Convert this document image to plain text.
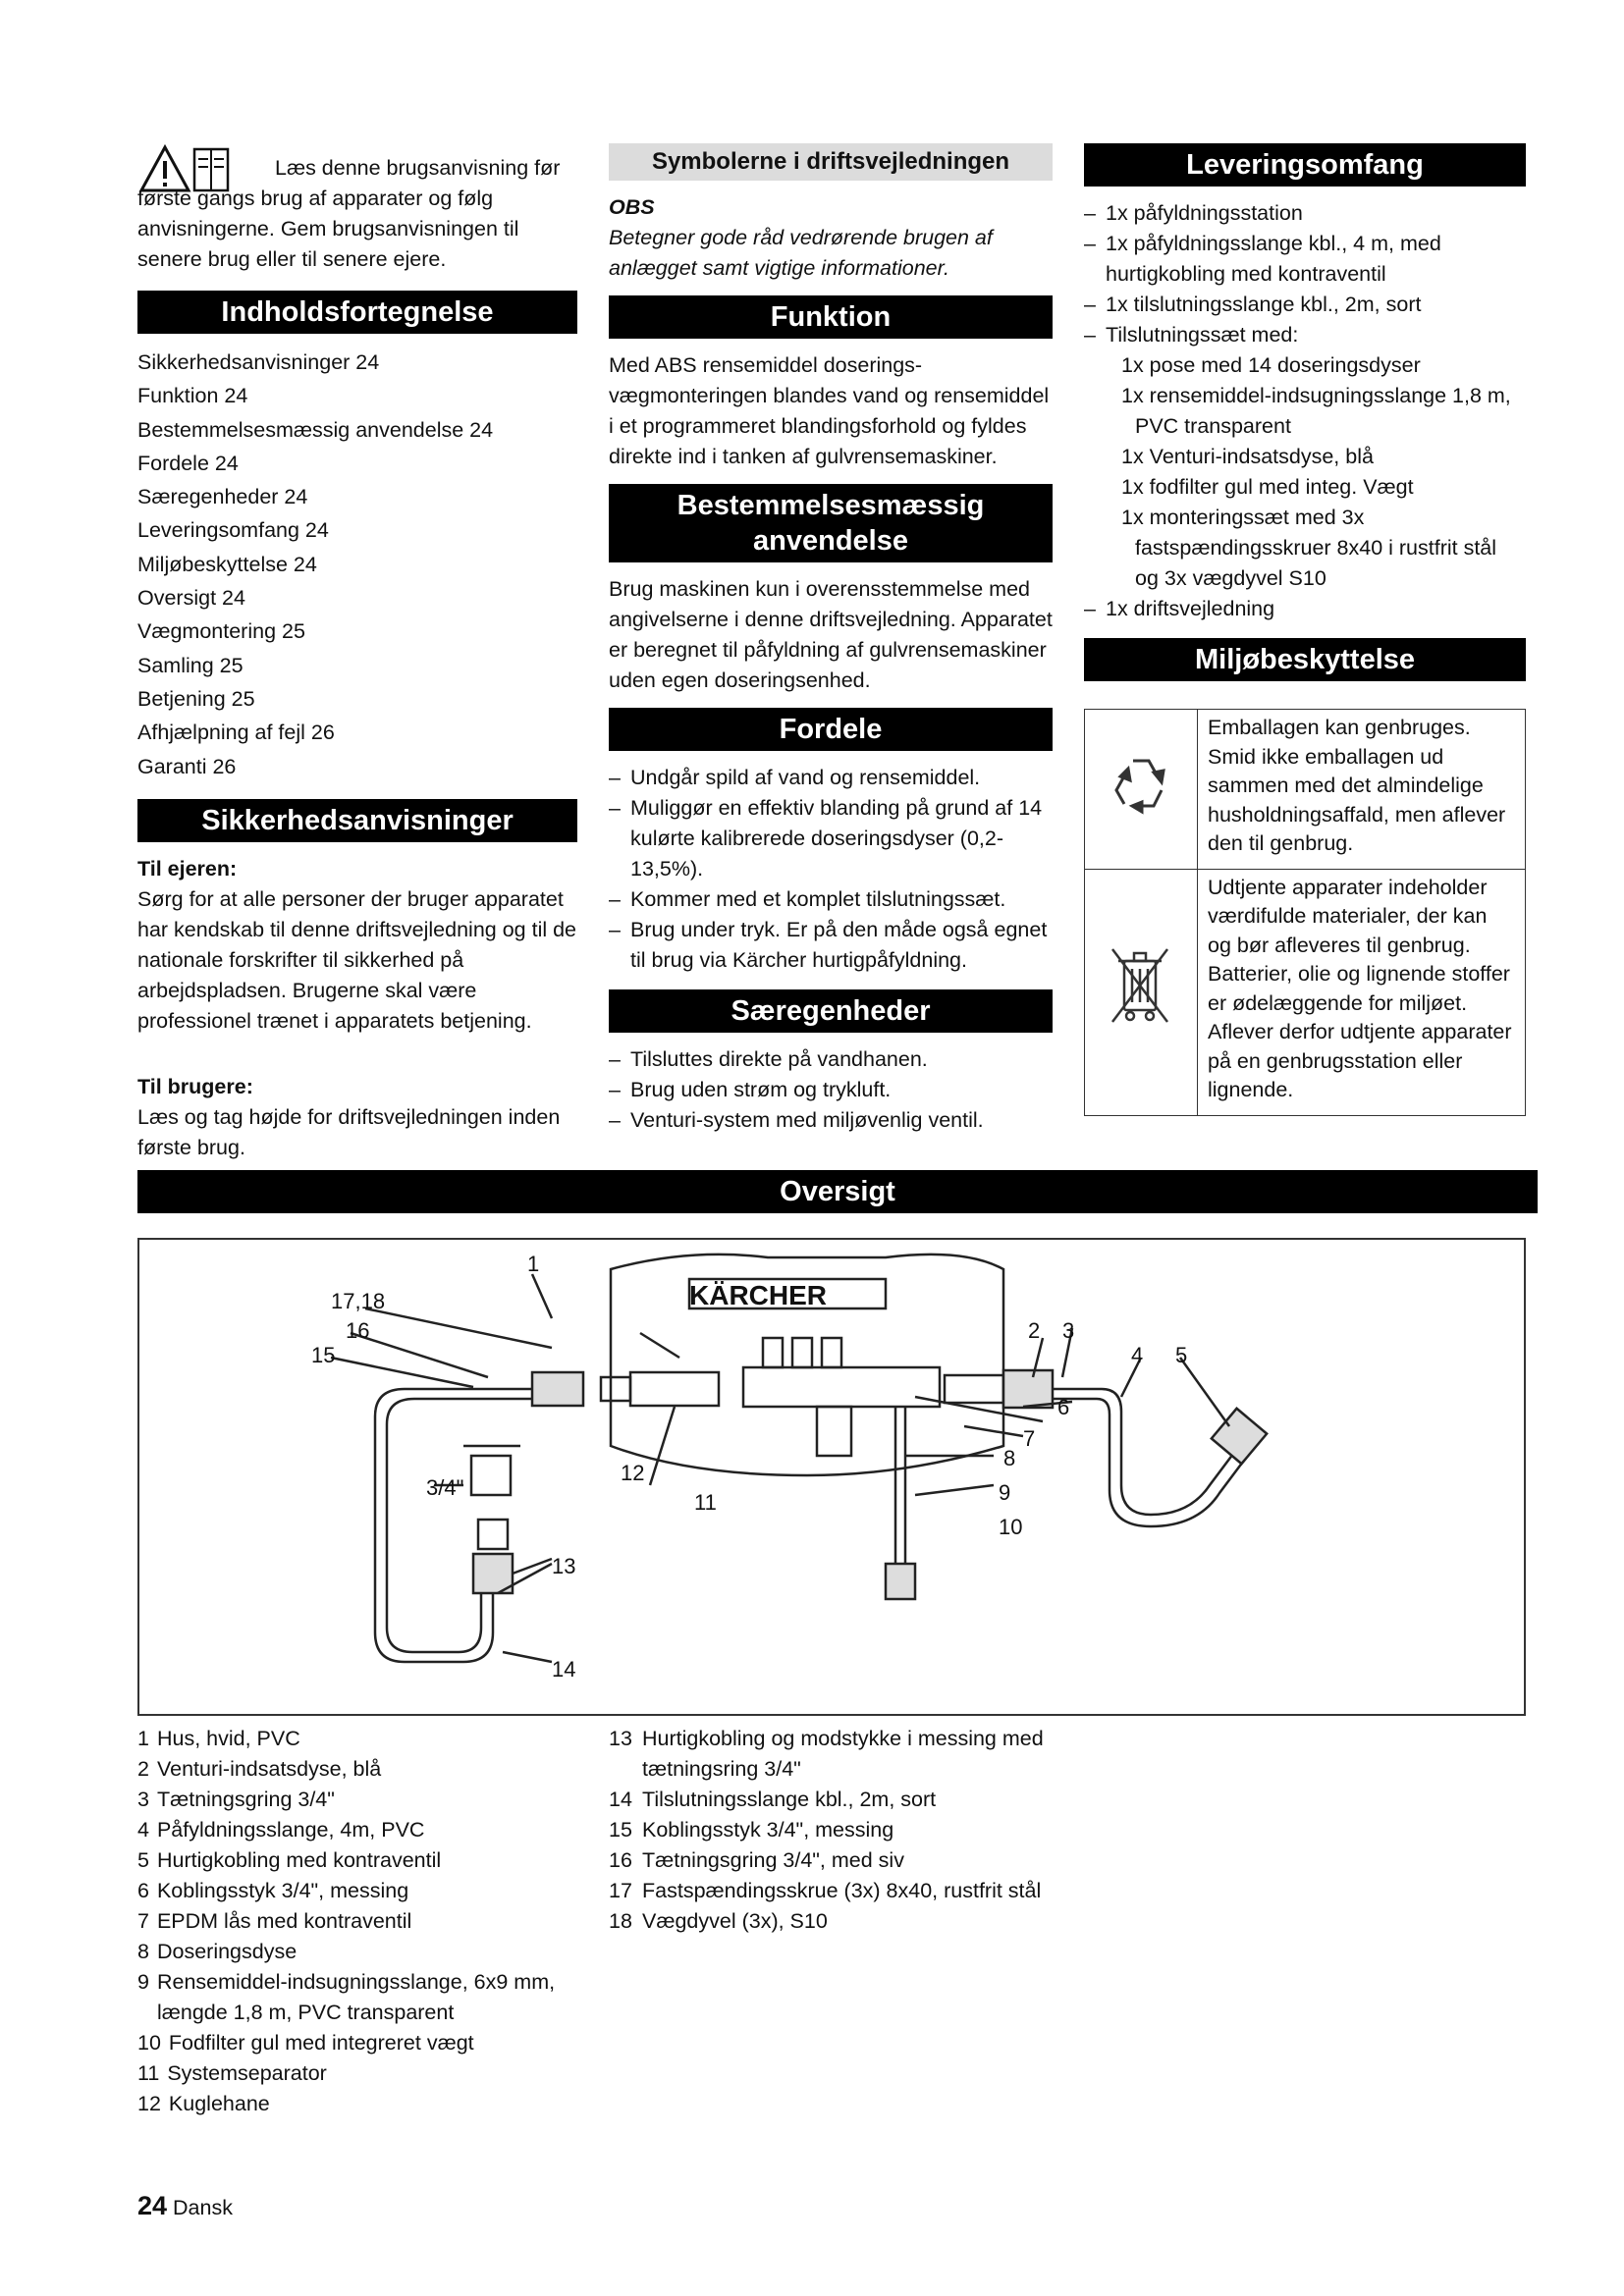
Læs denne brugsanvisning før første gangs brug af apparater og følg anvisningerne. Gem brugsanvisningen til senere brug eller til senere ejere.

Indholdsfortegnelse
Sikkerhedsanvisninger 24
Funktion 24
Bestemmelsesmæssig anvendelse 24
Fordele 24
Særegenheder 24
Leveringsomfang 24
Miljøbeskyttelse 24
Oversigt 24
Vægmontering 25
Samling 25
Betjening 25
Afhjælpning af fejl 26
Garanti 26
Sikkerhedsanvisninger

Til ejeren:

Sørg for at alle personer der bruger apparatet har kendskab til denne driftsvejledning og til de nationale forskrifter til sikkerhed på arbejdspladsen. Brugerne skal være professionel trænet i apparatets betjening.

Til brugere:

Læs og tag højde for driftsvejledningen inden første brug.

Symbolerne i driftsvejledningen

OBS

Betegner gode råd vedrørende brugen af anlægget samt vigtige informationer.

Funktion

Med ABS rensemiddel doserings-vægmonteringen blandes vand og rensemiddel i et programmeret blandingsforhold og fyldes direkte ind i tanken af gulvrensemaskiner.

Bestemmelsesmæssig anvendelse

Brug maskinen kun i overensstemmelse med angivelserne i denne driftsvejledning. Apparatet er beregnet til påfyldning af gulvrensemaskiner uden egen doseringsenhed.

Fordele
– Undgår spild af vand og rensemiddel.
– Muliggør en effektiv blanding på grund af 14 kulørte kalibrerede doseringsdyser (0,2-13,5%).
– Kommer med et komplet tilslutningssæt.
– Brug under tryk. Er på den måde også egnet til brug via Kärcher hurtigpåfyldning.
Særegenheder
– Tilsluttes direkte på vandhanen.
– Brug uden strøm og trykluft.
– Venturi-system med miljøvenlig ventil.
Leveringsomfang
– 1x påfyldningsstation
– 1x påfyldningsslange kbl., 4 m, med hurtigkobling med kontraventil
– 1x tilslutningsslange kbl., 2m, sort
– Tilslutningssæt med:
1x pose med 14 doseringsdyser
1x rensemiddel-indsugningsslange 1,8 m, PVC transparent
1x Venturi-indsatsdyse, blå
1x fodfilter gul med integ. Vægt
1x monteringssæt med 3x fastspændingsskruer 8x40 i rustfrit stål og 3x vægdyvel S10
– 1x driftsvejledning
Miljøbeskyttelse
	Emballagen kan genbruges. Smid ikke emballagen ud sammen med det almindelige husholdningsaffald, men aflever den til genbrug.
	Udtjente apparater indeholder værdifulde materialer, der kan og bør afleveres til genbrug. Batterier, olie og lignende stoffer er ødelæggende for miljøet. Aflever derfor udtjente apparater på en genbrugsstation eller lignende.
Oversigt
KÄRCHER
1
17,18
16
15
2 3
4 5
6
7
8
9
10
11
12
13
14
3/4"
1 Hus, hvid, PVC
2 Venturi-indsatsdyse, blå
3 Tætningsgring 3/4"
4 Påfyldningsslange, 4m, PVC
5 Hurtigkobling med kontraventil
6 Koblingsstyk 3/4", messing
7 EPDM lås med kontraventil
8 Doseringsdyse
9 Rensemiddel-indsugningsslange, 6x9 mm, længde 1,8 m, PVC transparent
10 Fodfilter gul med integreret vægt
11 Systemseparator
12 Kuglehane
13 Hurtigkobling og modstykke i messing med tætningsring 3/4"
14 Tilslutningsslange kbl., 2m, sort
15 Koblingsstyk 3/4", messing
16 Tætningsgring 3/4", med siv
17 Fastspændingsskrue (3x) 8x40, rustfrit stål
18 Vægdyvel (3x), S10
24 Dansk
